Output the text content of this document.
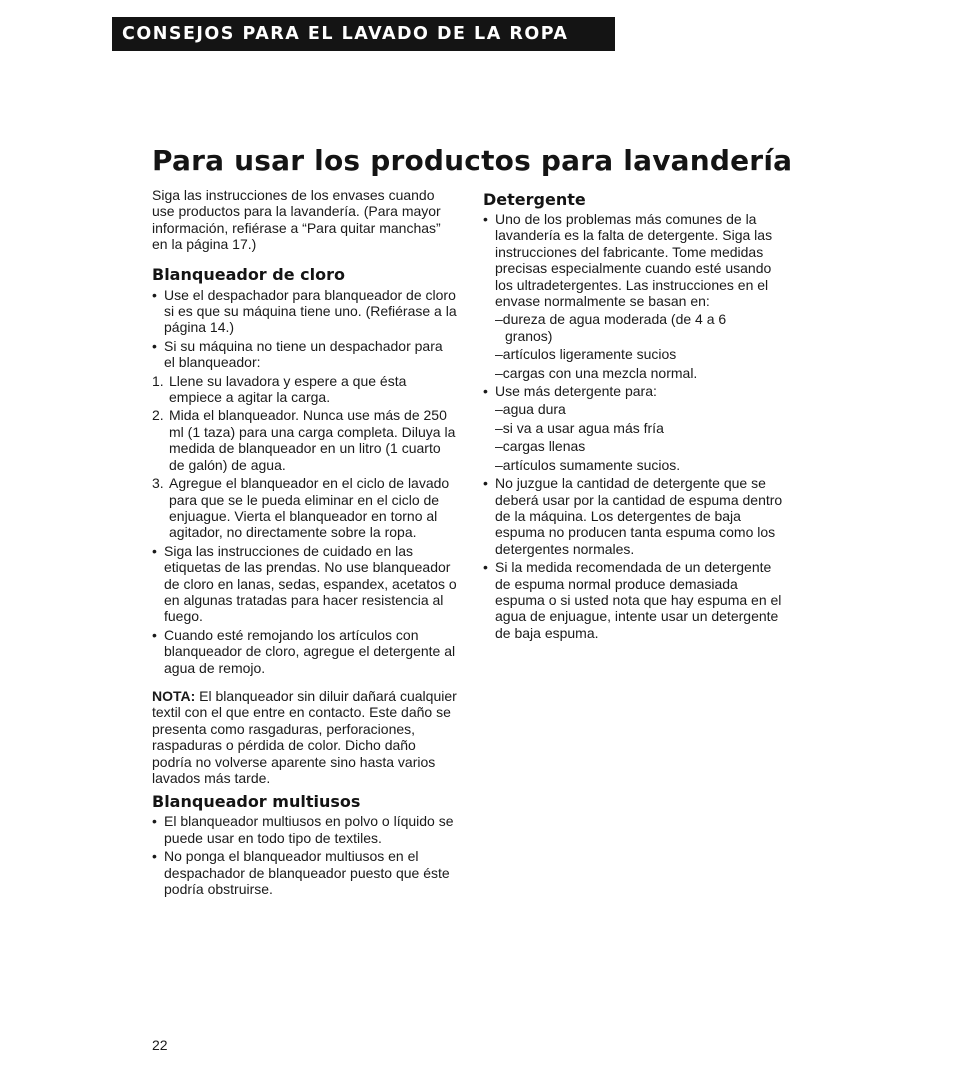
CONSEJOS PARA EL LAVADO DE LA ROPA
Para usar los productos para lavandería

Siga las instrucciones de los envases cuando use productos para la lavandería. (Para mayor información, refiérase a “Para quitar manchas” en la página 17.)

Blanqueador de cloro

• Use el despachador para blanqueador de cloro si es que su máquina tiene uno. (Refiérase a la página 14.)

• Si su máquina no tiene un despachador para el blanqueador:

1. Llene su lavadora y espere a que ésta empiece a agitar la carga.
2. Mida el blanqueador. Nunca use más de 250 ml (1 taza) para una carga completa. Diluya la medida de blanqueador en un litro (1 cuarto de galón) de agua.
3. Agregue el blanqueador en el ciclo de lavado para que se le pueda eliminar en el ciclo de enjuague. Vierta el blanqueador en torno al agitador, no directamente sobre la ropa.

• Siga las instrucciones de cuidado en las etiquetas de las prendas. No use blanqueador de cloro en lanas, sedas, espandex, acetatos o en algunas tratadas para hacer resistencia al fuego.

• Cuando esté remojando los artículos con blanqueador de cloro, agregue el detergente al agua de remojo.

NOTA: El blanqueador sin diluir dañará cualquier textil con el que entre en contacto. Este daño se presenta como rasgaduras, perforaciones, raspaduras o pérdida de color. Dicho daño podría no volverse aparente sino hasta varios lavados más tarde.

Blanqueador multiusos

• El blanqueador multiusos en polvo o líquido se puede usar en todo tipo de textiles.

• No ponga el blanqueador multiusos en el despachador de blanqueador puesto que éste podría obstruirse.

Detergente

• Uno de los problemas más comunes de la lavandería es la falta de detergente. Siga las instrucciones del fabricante. Tome medidas precisas especialmente cuando esté usando los ultradetergentes. Las instrucciones en el envase normalmente se basan en:

–dureza de agua moderada (de 4 a 6
granos)

–artículos ligeramente sucios

–cargas con una mezcla normal.

• Use más detergente para:

–agua dura

–si va a usar agua más fría

–cargas llenas

–artículos sumamente sucios.

• No juzgue la cantidad de detergente que se deberá usar por la cantidad de espuma dentro de la máquina. Los detergentes de baja espuma no producen tanta espuma como los detergentes normales.

• Si la medida recomendada de un detergente de espuma normal produce demasiada espuma o si usted nota que hay espuma en el agua de enjuague, intente usar un detergente de baja espuma.

22
